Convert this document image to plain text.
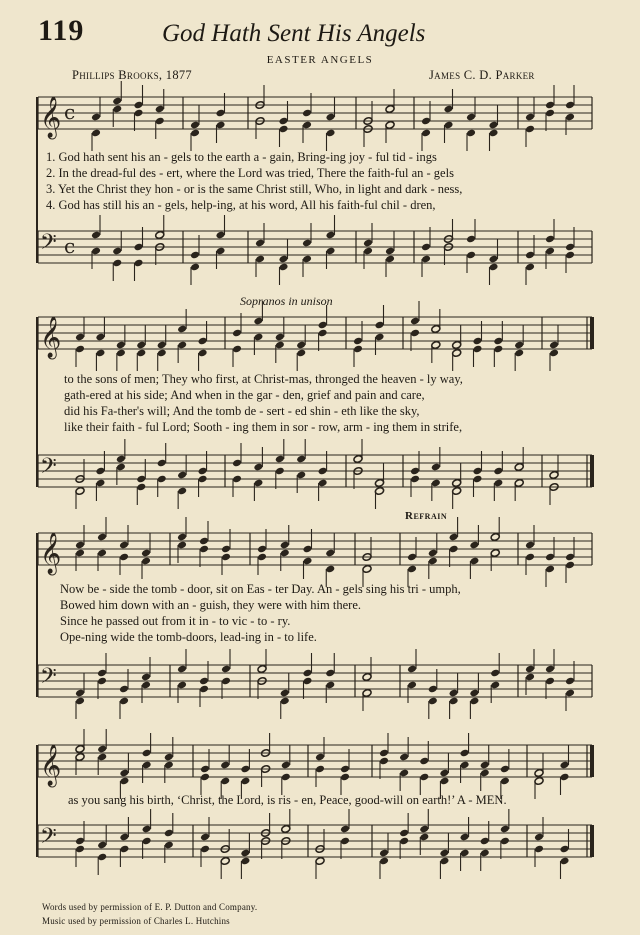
119	God Hath Sent His Angels
EASTER ANGELS
Phillips Brooks, 1877	James C. D. Parker
𝄞 c
1. God hath sent his an - gels to the earth a - gain, Bring-ing joy - ful tid - ings
2. In the dread-ful des - ert, where the Lord was tried, There the faith-ful an - gels
3. Yet the Christ they hon - or is the same Christ still, Who, in light and dark - ness,
4. God has still his an - gels, help-ing, at his word, All his faith-ful chil - dren,
𝄢 c
Sopranos in unison
𝄞
to the sons of men; They who first, at Christ-mas, thronged the heaven - ly way,
gath-ered at his side; And when in the gar - den, grief and pain and care,
did his Fa-ther's will; And the tomb de - sert - ed shin - eth like the sky,
like their faith - ful Lord; Sooth - ing them in sor - row, arm - ing them in strife,
𝄢
Refrain
𝄞
Now be - side the tomb - door, sit on Eas - ter Day. An - gels sing his tri - umph,
Bowed him down with an - guish, they were with him there.
Since he passed out from it in - to vic - to - ry.
Ope-ning wide the tomb-doors, lead-ing in - to life.
𝄢
𝄞
as you sang his birth, ‘Christ, the Lord, is ris - en, Peace, good-will on earth!’ A - MEN.
𝄢
Words used by permission of E. P. Dutton and Company.
Music used by permission of Charles L. Hutchins
